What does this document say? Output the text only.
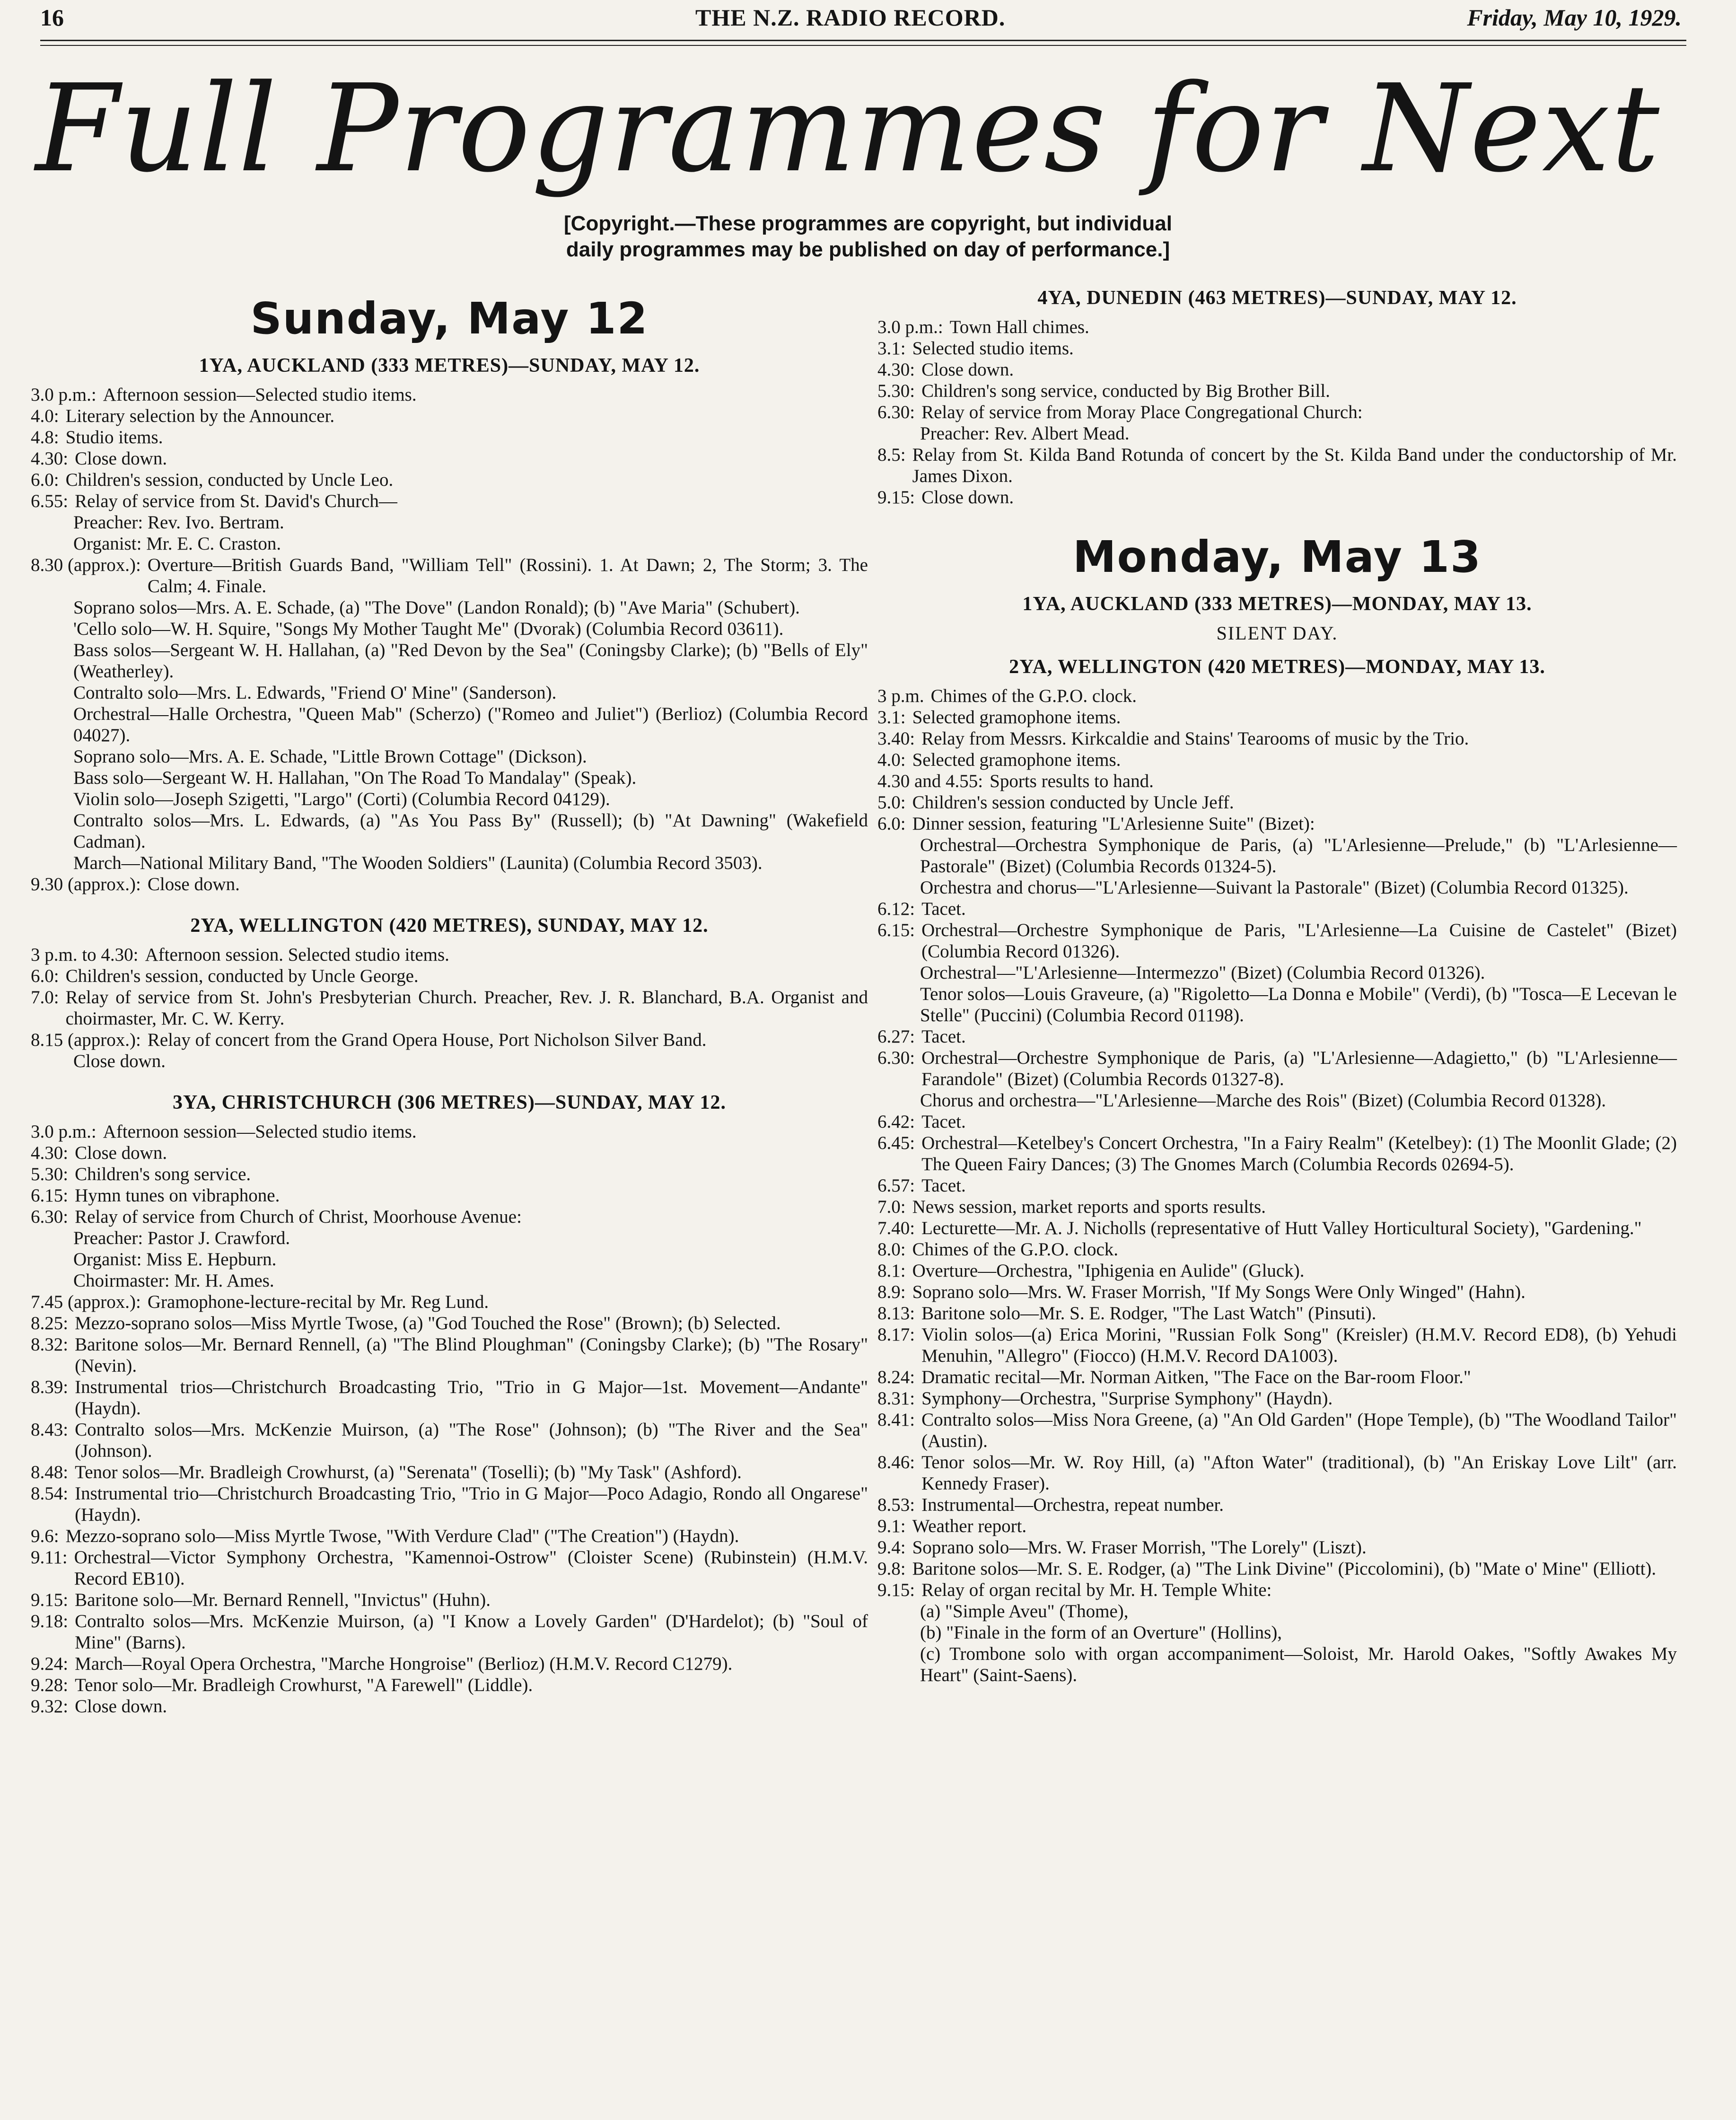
16	THE N.Z. RADIO RECORD.	Friday, May 10, 1929.
Full Programmes for Next
[Copyright.—These programmes are copyright, but individual
daily programmes may be published on day of performance.]
Sunday, May 12
1YA, AUCKLAND (333 METRES)—SUNDAY, MAY 12.
3.0 p.m.: Afternoon session—Selected studio items.
4.0: Literary selection by the Announcer.
4.8: Studio items.
4.30: Close down.
6.0: Children's session, conducted by Uncle Leo.
6.55: Relay of service from St. David's Church—
Preacher: Rev. Ivo. Bertram.
Organist: Mr. E. C. Craston.
8.30 (approx.): Overture—British Guards Band, "William Tell" (Rossini). 1. At Dawn; 2, The Storm; 3. The Calm; 4. Finale.
Soprano solos—Mrs. A. E. Schade, (a) "The Dove" (Landon Ronald); (b) "Ave Maria" (Schubert).
'Cello solo—W. H. Squire, "Songs My Mother Taught Me" (Dvorak) (Columbia Record 03611).
Bass solos—Sergeant W. H. Hallahan, (a) "Red Devon by the Sea" (Coningsby Clarke); (b) "Bells of Ely" (Weatherley).
Contralto solo—Mrs. L. Edwards, "Friend O' Mine" (Sanderson).
Orchestral—Halle Orchestra, "Queen Mab" (Scherzo) ("Romeo and Juliet") (Berlioz) (Columbia Record 04027).
Soprano solo—Mrs. A. E. Schade, "Little Brown Cottage" (Dickson).
Bass solo—Sergeant W. H. Hallahan, "On The Road To Mandalay" (Speak).
Violin solo—Joseph Szigetti, "Largo" (Corti) (Columbia Record 04129).
Contralto solos—Mrs. L. Edwards, (a) "As You Pass By" (Russell); (b) "At Dawning" (Wakefield Cadman).
March—National Military Band, "The Wooden Soldiers" (Launita) (Columbia Record 3503).
9.30 (approx.): Close down.
2YA, WELLINGTON (420 METRES), SUNDAY, MAY 12.
3 p.m. to 4.30: Afternoon session. Selected studio items.
6.0: Children's session, conducted by Uncle George.
7.0: Relay of service from St. John's Presbyterian Church. Preacher, Rev. J. R. Blanchard, B.A. Organist and choirmaster, Mr. C. W. Kerry.
8.15 (approx.): Relay of concert from the Grand Opera House, Port Nicholson Silver Band.
Close down.
3YA, CHRISTCHURCH (306 METRES)—SUNDAY, MAY 12.
3.0 p.m.: Afternoon session—Selected studio items.
4.30: Close down.
5.30: Children's song service.
6.15: Hymn tunes on vibraphone.
6.30: Relay of service from Church of Christ, Moorhouse Avenue:
Preacher: Pastor J. Crawford.
Organist: Miss E. Hepburn.
Choirmaster: Mr. H. Ames.
7.45 (approx.): Gramophone-lecture-recital by Mr. Reg Lund.
8.25: Mezzo-soprano solos—Miss Myrtle Twose, (a) "God Touched the Rose" (Brown); (b) Selected.
8.32: Baritone solos—Mr. Bernard Rennell, (a) "The Blind Ploughman" (Coningsby Clarke); (b) "The Rosary" (Nevin).
8.39: Instrumental trios—Christchurch Broadcasting Trio, "Trio in G Major—1st. Movement—Andante" (Haydn).
8.43: Contralto solos—Mrs. McKenzie Muirson, (a) "The Rose" (Johnson); (b) "The River and the Sea" (Johnson).
8.48: Tenor solos—Mr. Bradleigh Crowhurst, (a) "Serenata" (Toselli); (b) "My Task" (Ashford).
8.54: Instrumental trio—Christchurch Broadcasting Trio, "Trio in G Major—Poco Adagio, Rondo all Ongarese" (Haydn).
9.6: Mezzo-soprano solo—Miss Myrtle Twose, "With Verdure Clad" ("The Creation") (Haydn).
9.11: Orchestral—Victor Symphony Orchestra, "Kamennoi-Ostrow" (Cloister Scene) (Rubinstein) (H.M.V. Record EB10).
9.15: Baritone solo—Mr. Bernard Rennell, "Invictus" (Huhn).
9.18: Contralto solos—Mrs. McKenzie Muirson, (a) "I Know a Lovely Garden" (D'Hardelot); (b) "Soul of Mine" (Barns).
9.24: March—Royal Opera Orchestra, "Marche Hongroise" (Berlioz) (H.M.V. Record C1279).
9.28: Tenor solo—Mr. Bradleigh Crowhurst, "A Farewell" (Liddle).
9.32: Close down.
4YA, DUNEDIN (463 METRES)—SUNDAY, MAY 12.
3.0 p.m.: Town Hall chimes.
3.1: Selected studio items.
4.30: Close down.
5.30: Children's song service, conducted by Big Brother Bill.
6.30: Relay of service from Moray Place Congregational Church:
Preacher: Rev. Albert Mead.
8.5: Relay from St. Kilda Band Rotunda of concert by the St. Kilda Band under the conductorship of Mr. James Dixon.
9.15: Close down.
Monday, May 13
1YA, AUCKLAND (333 METRES)—MONDAY, MAY 13.
SILENT DAY.
2YA, WELLINGTON (420 METRES)—MONDAY, MAY 13.
3 p.m. Chimes of the G.P.O. clock.
3.1: Selected gramophone items.
3.40: Relay from Messrs. Kirkcaldie and Stains' Tearooms of music by the Trio.
4.0: Selected gramophone items.
4.30 and 4.55: Sports results to hand.
5.0: Children's session conducted by Uncle Jeff.
6.0: Dinner session, featuring "L'Arlesienne Suite" (Bizet):
Orchestral—Orchestra Symphonique de Paris, (a) "L'Arlesienne—Prelude," (b) "L'Arlesienne—Pastorale" (Bizet) (Columbia Records 01324-5).
Orchestra and chorus—"L'Arlesienne—Suivant la Pastorale" (Bizet) (Columbia Record 01325).
6.12: Tacet.
6.15: Orchestral—Orchestre Symphonique de Paris, "L'Arlesienne—La Cuisine de Castelet" (Bizet) (Columbia Record 01326).
Orchestral—"L'Arlesienne—Intermezzo" (Bizet) (Columbia Record 01326).
Tenor solos—Louis Graveure, (a) "Rigoletto—La Donna e Mobile" (Verdi), (b) "Tosca—E Lecevan le Stelle" (Puccini) (Columbia Record 01198).
6.27: Tacet.
6.30: Orchestral—Orchestre Symphonique de Paris, (a) "L'Arlesienne—Adagietto," (b) "L'Arlesienne—Farandole" (Bizet) (Columbia Records 01327-8).
Chorus and orchestra—"L'Arlesienne—Marche des Rois" (Bizet) (Columbia Record 01328).
6.42: Tacet.
6.45: Orchestral—Ketelbey's Concert Orchestra, "In a Fairy Realm" (Ketelbey): (1) The Moonlit Glade; (2) The Queen Fairy Dances; (3) The Gnomes March (Columbia Records 02694-5).
6.57: Tacet.
7.0: News session, market reports and sports results.
7.40: Lecturette—Mr. A. J. Nicholls (representative of Hutt Valley Horticultural Society), "Gardening."
8.0: Chimes of the G.P.O. clock.
8.1: Overture—Orchestra, "Iphigenia en Aulide" (Gluck).
8.9: Soprano solo—Mrs. W. Fraser Morrish, "If My Songs Were Only Winged" (Hahn).
8.13: Baritone solo—Mr. S. E. Rodger, "The Last Watch" (Pinsuti).
8.17: Violin solos—(a) Erica Morini, "Russian Folk Song" (Kreisler) (H.M.V. Record ED8), (b) Yehudi Menuhin, "Allegro" (Fiocco) (H.M.V. Record DA1003).
8.24: Dramatic recital—Mr. Norman Aitken, "The Face on the Bar-room Floor."
8.31: Symphony—Orchestra, "Surprise Symphony" (Haydn).
8.41: Contralto solos—Miss Nora Greene, (a) "An Old Garden" (Hope Temple), (b) "The Woodland Tailor" (Austin).
8.46: Tenor solos—Mr. W. Roy Hill, (a) "Afton Water" (traditional), (b) "An Eriskay Love Lilt" (arr. Kennedy Fraser).
8.53: Instrumental—Orchestra, repeat number.
9.1: Weather report.
9.4: Soprano solo—Mrs. W. Fraser Morrish, "The Lorely" (Liszt).
9.8: Baritone solos—Mr. S. E. Rodger, (a) "The Link Divine" (Piccolomini), (b) "Mate o' Mine" (Elliott).
9.15: Relay of organ recital by Mr. H. Temple White:
(a) "Simple Aveu" (Thome),
(b) "Finale in the form of an Overture" (Hollins),
(c) Trombone solo with organ accompaniment—Soloist, Mr. Harold Oakes, "Softly Awakes My Heart" (Saint-Saens).
